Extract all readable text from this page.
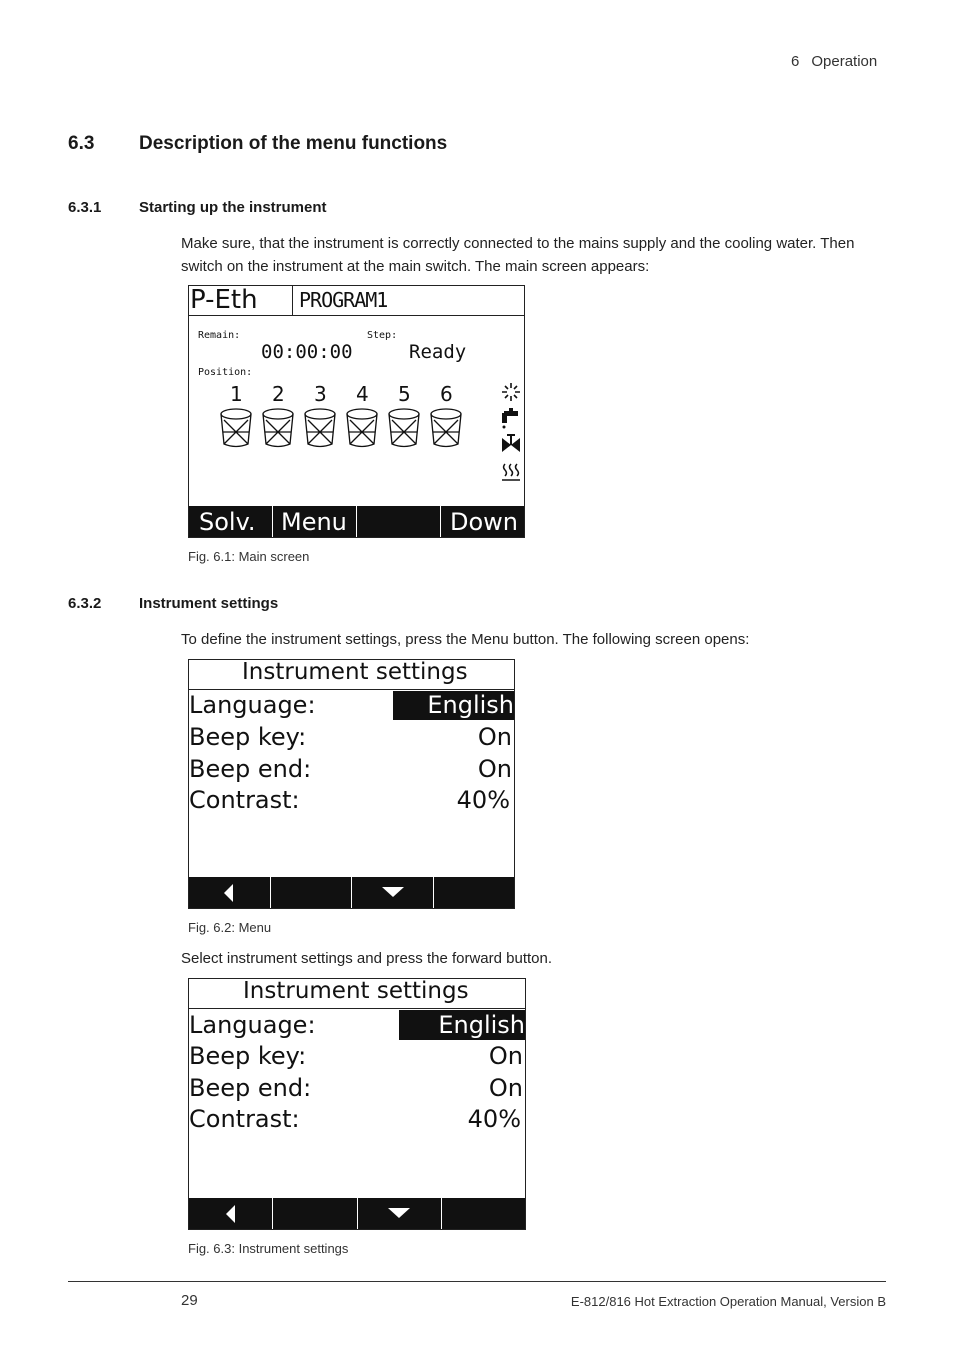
6 Operation
6.3 Description of the menu functions
6.3.1	Starting up the instrument
Make sure, that the instrument is correctly connected to the mains supply and the cooling water. Then switch on the instrument at the main switch. The main screen appears:
P-Eth PROGRAM1
Remain:	Step:
00:00:00	Ready
Position:
1 2 3 4 5 6
Solv. Menu	Down
Fig. 6.1: Main screen
6.3.2	Instrument settings
To define the instrument settings, press the Menu button. The following screen opens:
Instrument settings
Language:	English
Beep key:	On
Beep end:	On
Contrast:	40%
Fig. 6.2: Menu
Select instrument settings and press the forward button.
Instrument settings
Language:	English
Beep key:	On
Beep end:	On
Contrast:	40%
Fig. 6.3: Instrument settings
29	E-812/816 Hot Extraction Operation Manual, Version B
